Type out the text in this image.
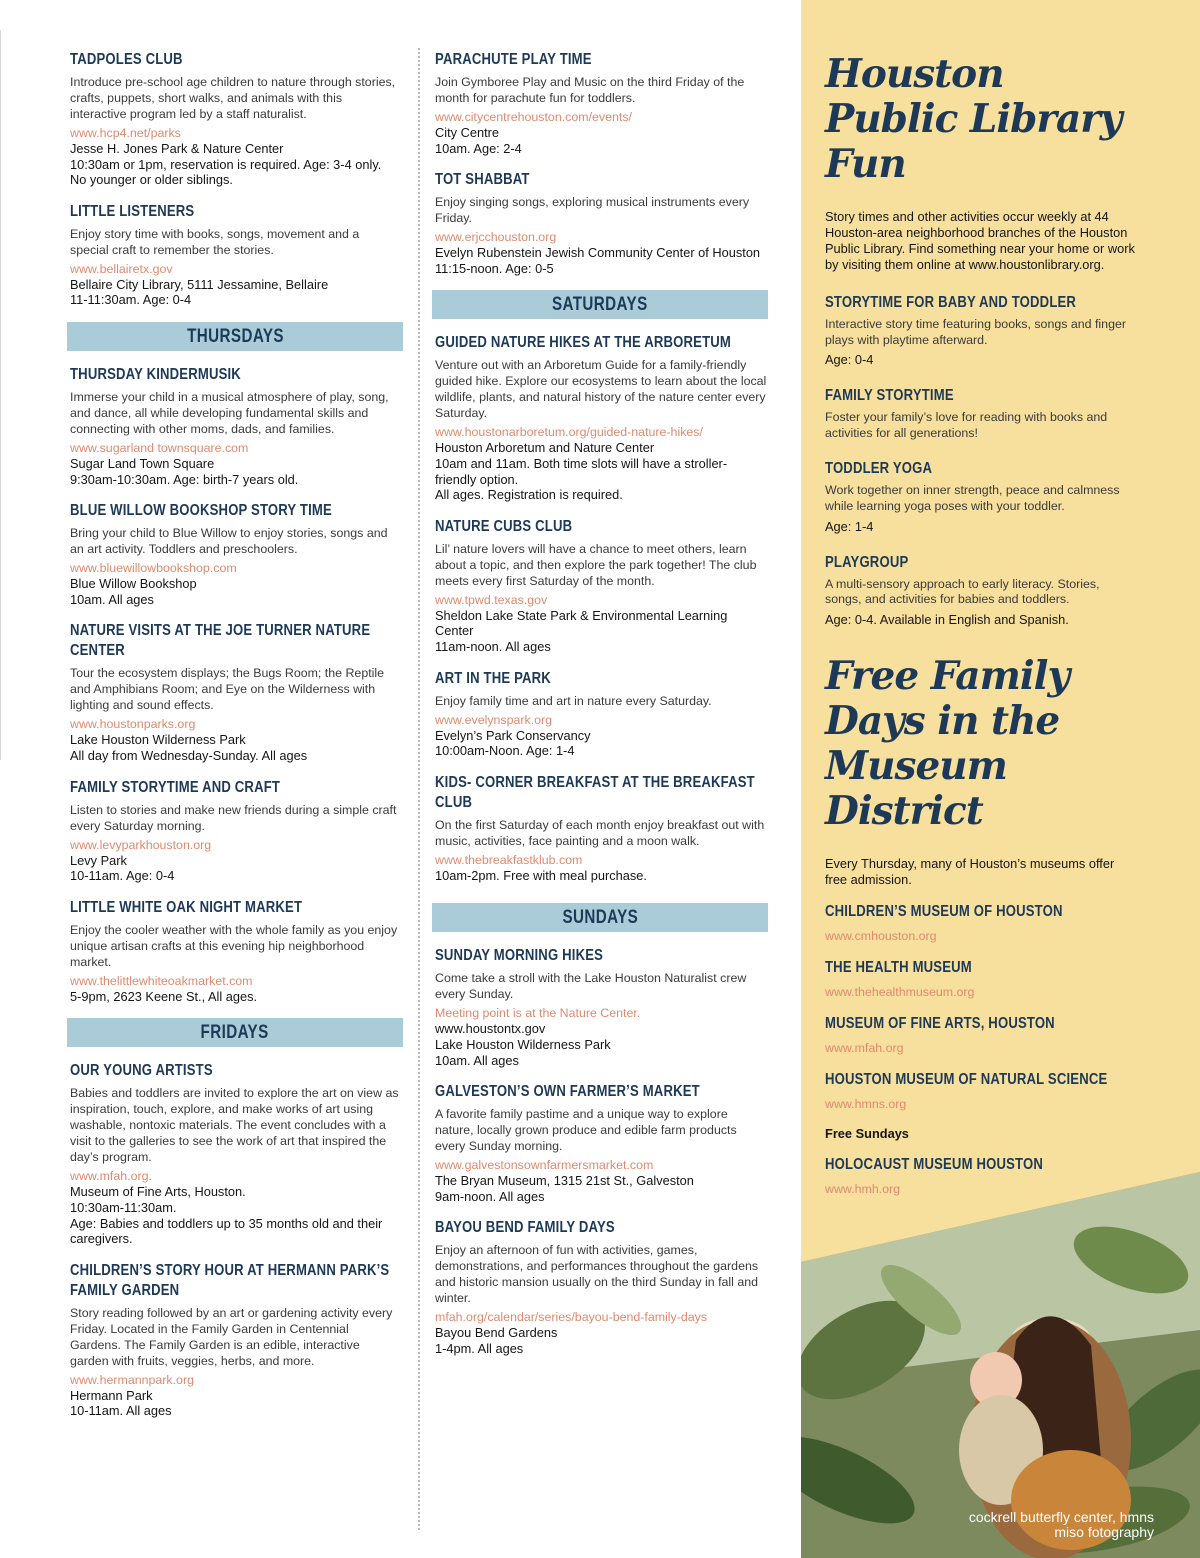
TADPOLES CLUB
Introduce pre-school age children to nature through stories, crafts, puppets, short walks, and animals with this interactive program led by a staff naturalist.
www.hcp4.net/parks
Jesse H. Jones Park & Nature Center
10:30am or 1pm, reservation is required. Age: 3-4 only. No younger or older siblings.
LITTLE LISTENERS
Enjoy story time with books, songs, movement and a special craft to remember the stories.
www.bellairetx.gov
Bellaire City Library, 5111 Jessamine, Bellaire
11-11:30am. Age: 0-4
THURSDAYS
THURSDAY KINDERMUSIK
Immerse your child in a musical atmosphere of play, song, and dance, all while developing fundamental skills and connecting with other moms, dads, and families.
www.sugarland townsquare.com
Sugar Land Town Square
9:30am-10:30am. Age: birth-7 years old.
BLUE WILLOW BOOKSHOP STORY TIME
Bring your child to Blue Willow to enjoy stories, songs and an art activity. Toddlers and preschoolers.
www.bluewillowbookshop.com
Blue Willow Bookshop
10am. All ages
NATURE VISITS AT THE JOE TURNER NATURE CENTER
Tour the ecosystem displays; the Bugs Room; the Reptile and Amphibians Room; and Eye on the Wilderness with lighting and sound effects.
www.houstonparks.org
Lake Houston Wilderness Park
All day from Wednesday-Sunday. All ages
FAMILY STORYTIME AND CRAFT
Listen to stories and make new friends during a simple craft every Saturday morning.
www.levyparkhouston.org
Levy Park
10-11am. Age: 0-4
LITTLE WHITE OAK NIGHT MARKET
Enjoy the cooler weather with the whole family as you enjoy unique artisan crafts at this evening hip neighborhood market.
www.thelittlewhiteoakmarket.com
5-9pm, 2623 Keene St., All ages.
FRIDAYS
OUR YOUNG ARTISTS
Babies and toddlers are invited to explore the art on view as inspiration, touch, explore, and make works of art using washable, nontoxic materials. The event concludes with a visit to the galleries to see the work of art that inspired the day’s program.
www.mfah.org.
Museum of Fine Arts, Houston.
10:30am-11:30am.
Age: Babies and toddlers up to 35 months old and their caregivers.
CHILDREN’S STORY HOUR AT HERMANN PARK’S FAMILY GARDEN
Story reading followed by an art or gardening activity every Friday. Located in the Family Garden in Centennial Gardens. The Family Garden is an edible, interactive garden with fruits, veggies, herbs, and more.
www.hermannpark.org
Hermann Park
10-11am. All ages
PARACHUTE PLAY TIME
Join Gymboree Play and Music on the third Friday of the month for parachute fun for toddlers.
www.citycentrehouston.com/events/
City Centre
10am. Age: 2-4
TOT SHABBAT
Enjoy singing songs, exploring musical instruments every Friday.
www.erjcchouston.org
Evelyn Rubenstein Jewish Community Center of Houston
11:15-noon. Age: 0-5
SATURDAYS
GUIDED NATURE HIKES AT THE ARBORETUM
Venture out with an Arboretum Guide for a family-friendly guided hike. Explore our ecosystems to learn about the local wildlife, plants, and natural history of the nature center every Saturday.
www.houstonarboretum.org/guided-nature-hikes/
Houston Arboretum and Nature Center
10am and 11am. Both time slots will have a stroller-friendly option.
All ages. Registration is required.
NATURE CUBS CLUB
Lil’ nature lovers will have a chance to meet others, learn about a topic, and then explore the park together! The club meets every first Saturday of the month.
www.tpwd.texas.gov
Sheldon Lake State Park & Environmental Learning Center
11am-noon. All ages
ART IN THE PARK
Enjoy family time and art in nature every Saturday.
www.evelynspark.org
Evelyn’s Park Conservancy
10:00am-Noon. Age: 1-4
KIDS- CORNER BREAKFAST AT THE BREAKFAST CLUB
On the first Saturday of each month enjoy breakfast out with music, activities, face painting and a moon walk.
www.thebreakfastklub.com
10am-2pm. Free with meal purchase.
SUNDAYS
SUNDAY MORNING HIKES
Come take a stroll with the Lake Houston Naturalist crew every Sunday.
Meeting point is at the Nature Center.
www.houstontx.gov
Lake Houston Wilderness Park
10am. All ages
GALVESTON’S OWN FARMER’S MARKET
A favorite family pastime and a unique way to explore nature, locally grown produce and edible farm products every Sunday morning.
www.galvestonsownfarmersmarket.com
The Bryan Museum, 1315 21st St., Galveston
9am-noon. All ages
BAYOU BEND FAMILY DAYS
Enjoy an afternoon of fun with activities, games, demonstrations, and performances throughout the gardens and historic mansion usually on the third Sunday in fall and winter.
mfah.org/calendar/series/bayou-bend-family-days
Bayou Bend Gardens
1-4pm. All ages
Houston Public Library Fun
Story times and other activities occur weekly at 44 Houston-area neighborhood branches of the Houston Public Library. Find something near your home or work by visiting them online at www.houstonlibrary.org.
STORYTIME FOR BABY AND TODDLER
Interactive story time featuring books, songs and finger plays with playtime afterward.
Age: 0-4
FAMILY STORYTIME
Foster your family’s love for reading with books and activities for all generations!
TODDLER YOGA
Work together on inner strength, peace and calmness while learning yoga poses with your toddler.
Age: 1-4
PLAYGROUP
A multi-sensory approach to early literacy. Stories, songs, and activities for babies and toddlers.
Age: 0-4. Available in English and Spanish.
Free Family Days in the Museum District
Every Thursday, many of Houston’s museums offer free admission.
CHILDREN’S MUSEUM OF HOUSTON
www.cmhouston.org
THE HEALTH MUSEUM
www.thehealthmuseum.org
MUSEUM OF FINE ARTS, HOUSTON
www.mfah.org
HOUSTON MUSEUM OF NATURAL SCIENCE
www.hmns.org
Free Sundays
HOLOCAUST MUSEUM HOUSTON
www.hmh.org
cockrell butterfly center, hmns
miso fotography
